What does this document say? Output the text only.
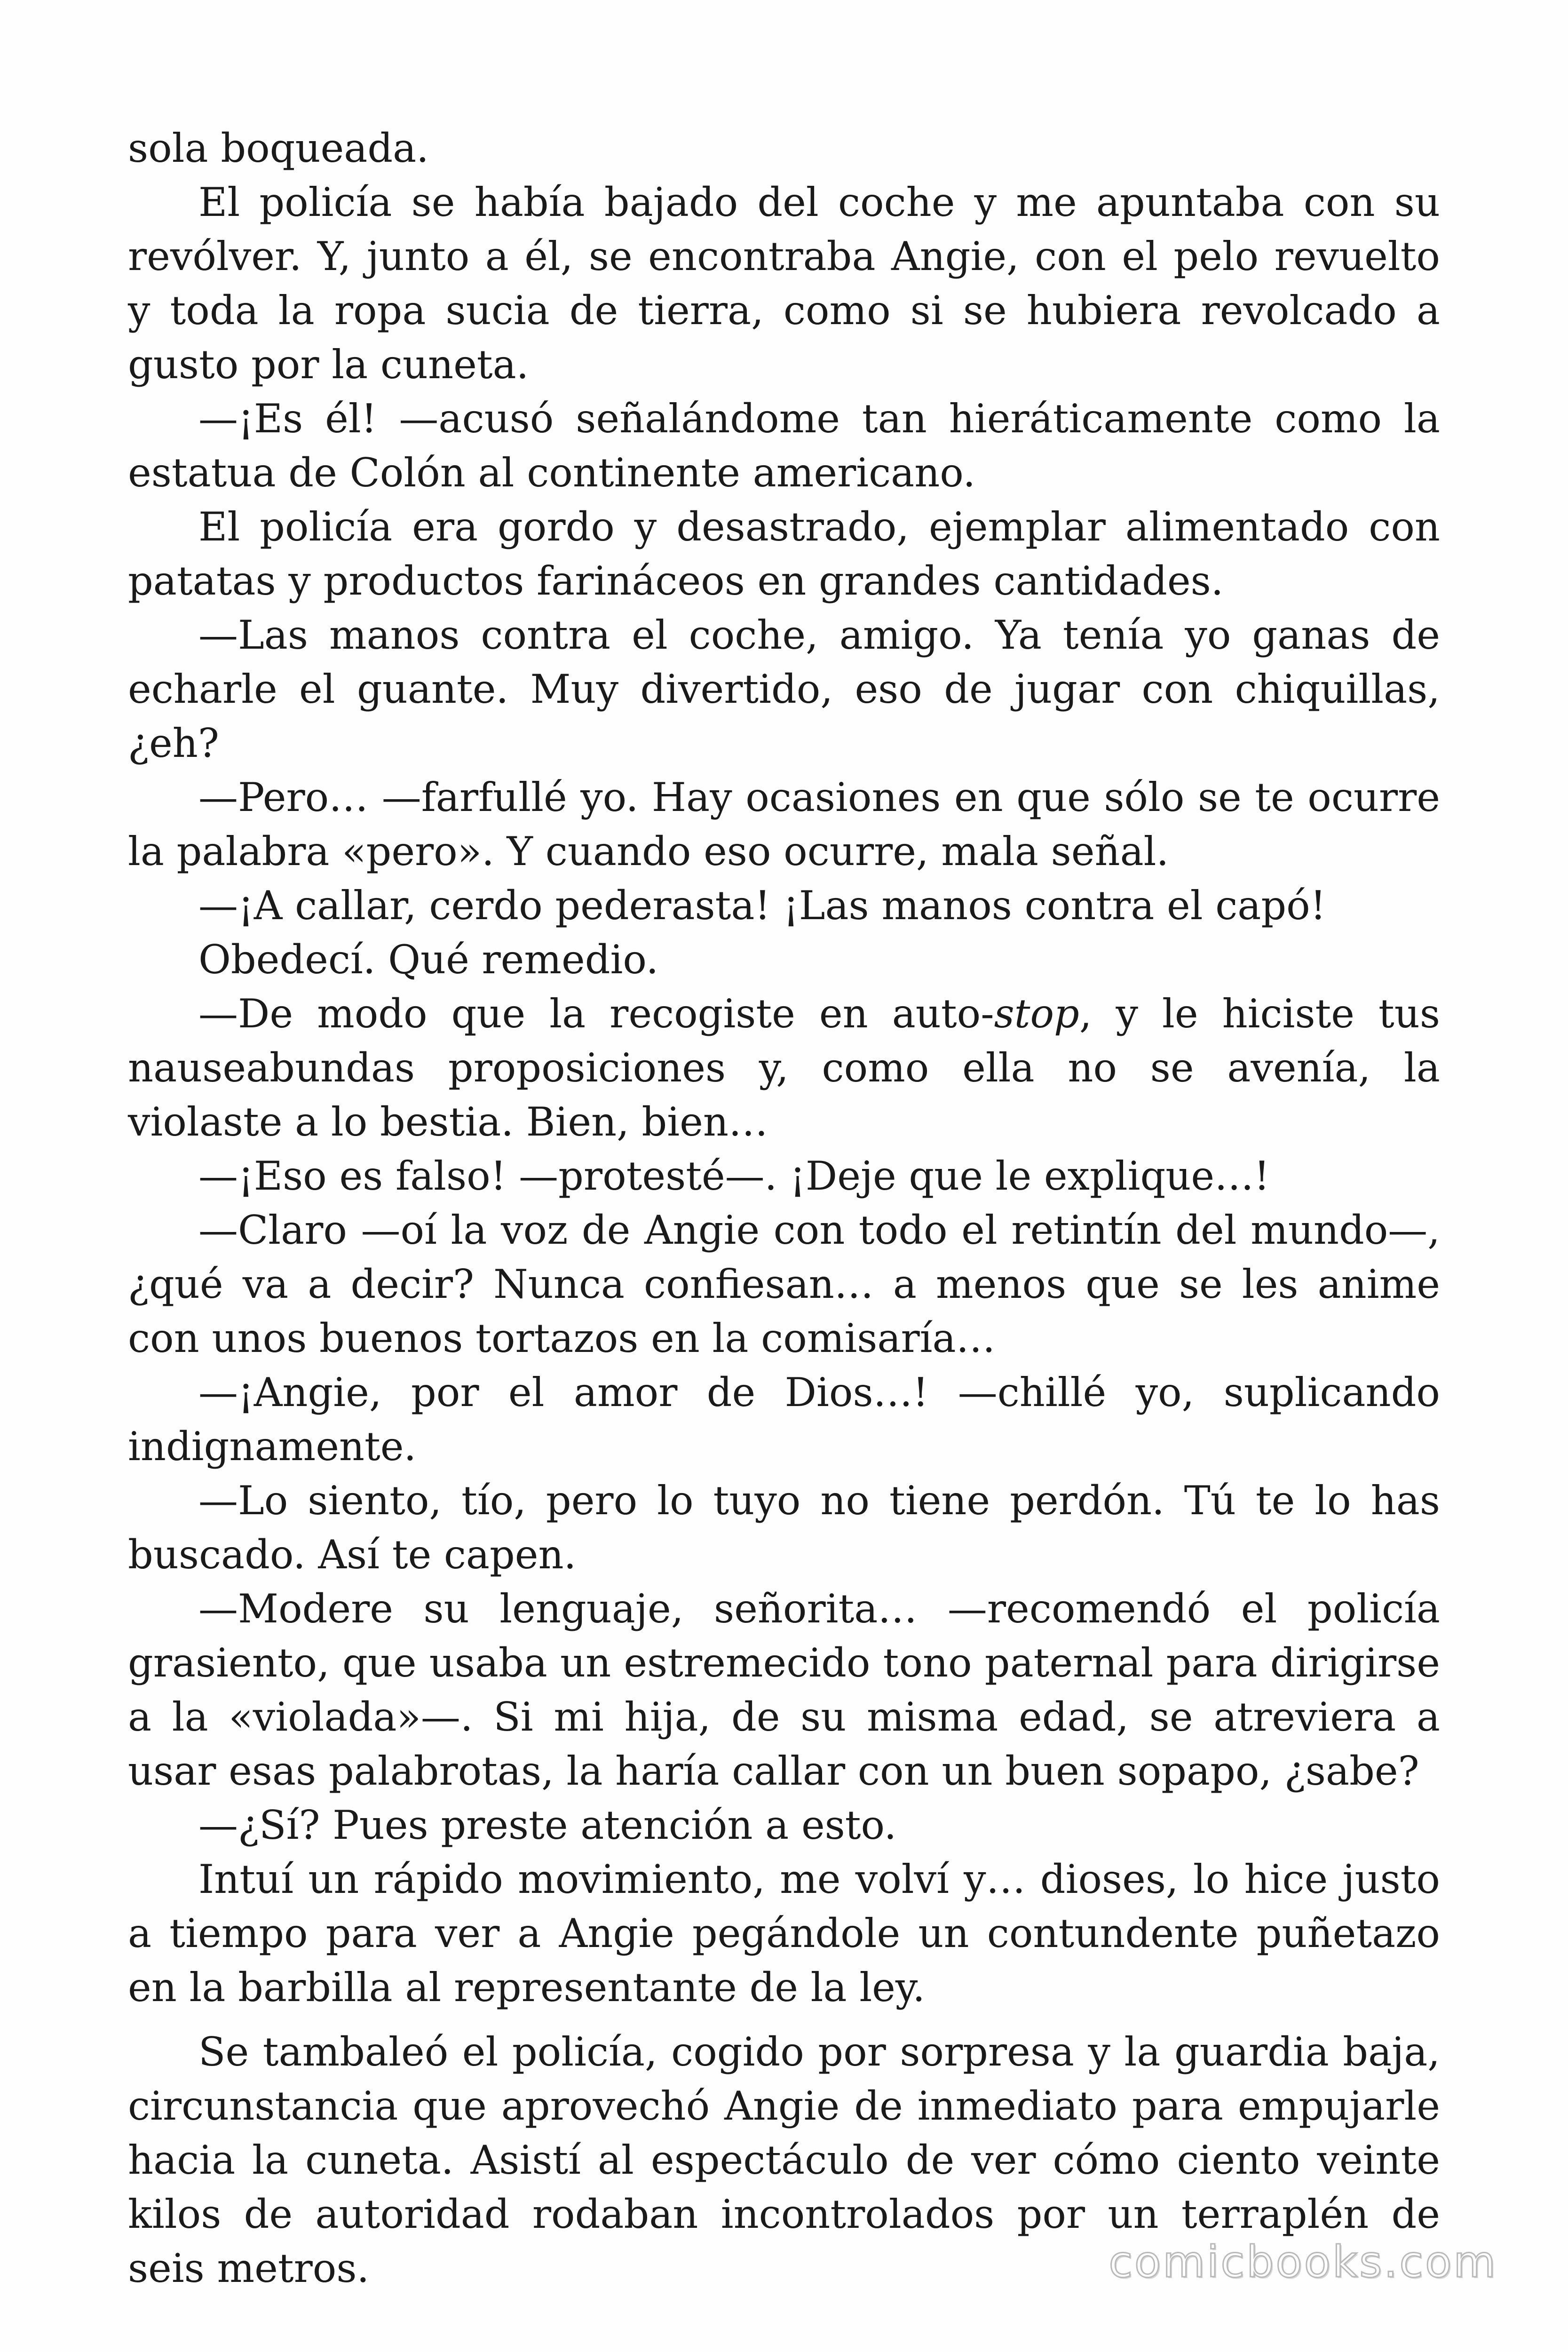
sola boqueada.

El policía se había bajado del coche y me apuntaba con su revólver. Y, junto a él, se encontraba Angie, con el pelo revuelto y toda la ropa sucia de tierra, como si se hubiera revolcado a gusto por la cuneta.

—¡Es él! —acusó señalándome tan hieráticamente como la estatua de Colón al continente americano.

El policía era gordo y desastrado, ejemplar alimentado con patatas y productos farináceos en grandes cantidades.

—Las manos contra el coche, amigo. Ya tenía yo ganas de echarle el guante. Muy divertido, eso de jugar con chiquillas, ¿eh?

—Pero… —farfullé yo. Hay ocasiones en que sólo se te ocurre la palabra «pero». Y cuando eso ocurre, mala señal.

—¡A callar, cerdo pederasta! ¡Las manos contra el capó!

Obedecí. Qué remedio.

—De modo que la recogiste en auto-stop, y le hiciste tus nauseabundas proposiciones y, como ella no se avenía, la violaste a lo bestia. Bien, bien…

—¡Eso es falso! —protesté—. ¡Deje que le explique…!

—Claro —oí la voz de Angie con todo el retintín del mundo—, ¿qué va a decir? Nunca confiesan… a menos que se les anime con unos buenos tortazos en la comisaría…

—¡Angie, por el amor de Dios…! —chillé yo, suplicando indignamente.

—Lo siento, tío, pero lo tuyo no tiene perdón. Tú te lo has buscado. Así te capen.

—Modere su lenguaje, señorita… —recomendó el policía grasiento, que usaba un estremecido tono paternal para dirigirse a la «violada»—. Si mi hija, de su misma edad, se atreviera a usar esas palabrotas, la haría callar con un buen sopapo, ¿sabe?

—¿Sí? Pues preste atención a esto.

Intuí un rápido movimiento, me volví y… dioses, lo hice justo a tiempo para ver a Angie pegándole un contundente puñetazo en la barbilla al representante de la ley.

Se tambaleó el policía, cogido por sorpresa y la guardia baja, circunstancia que aprovechó Angie de inmediato para empujarle hacia la cuneta. Asistí al espectáculo de ver cómo ciento veinte kilos de autoridad rodaban incontrolados por un terraplén de seis metros.	comicbooks.com
